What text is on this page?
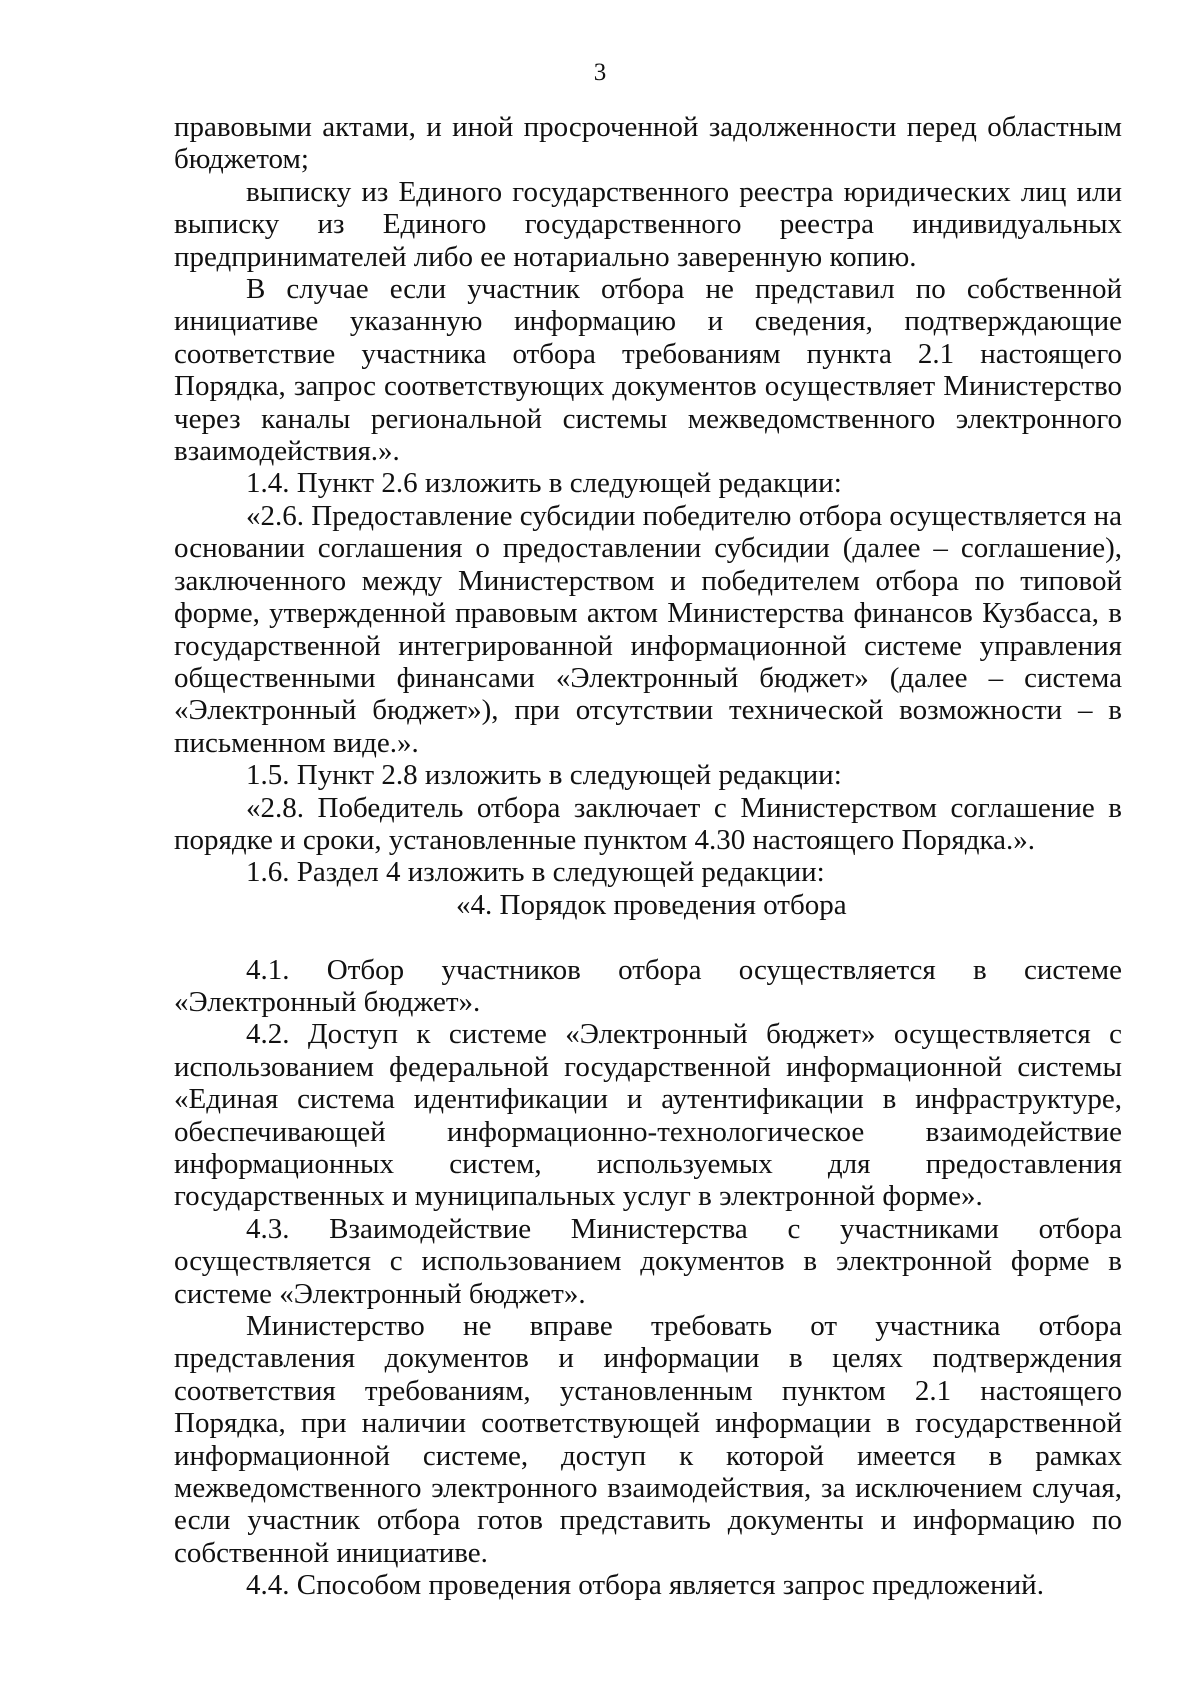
3

правовыми актами, и иной просроченной задолженности перед областным бюджетом;

выписку из Единого государственного реестра юридических лиц или выписку из Единого государственного реестра индивидуальных предпринимателей либо ее нотариально заверенную копию.

В случае если участник отбора не представил по собственной инициативе указанную информацию и сведения, подтверждающие соответствие участника отбора требованиям пункта 2.1 настоящего Порядка, запрос соответствующих документов осуществляет Министерство через каналы региональной системы межведомственного электронного взаимодействия.».

1.4. Пункт 2.6 изложить в следующей редакции:

«2.6. Предоставление субсидии победителю отбора осуществляется на основании соглашения о предоставлении субсидии (далее – соглашение), заключенного между Министерством и победителем отбора по типовой форме, утвержденной правовым актом Министерства финансов Кузбасса, в государственной интегрированной информационной системе управления общественными финансами «Электронный бюджет» (далее – система «Электронный бюджет»), при отсутствии технической возможности – в письменном виде.».

1.5. Пункт 2.8 изложить в следующей редакции:

«2.8. Победитель отбора заключает с Министерством соглашение в порядке и сроки, установленные пунктом 4.30 настоящего Порядка.».

1.6. Раздел 4 изложить в следующей редакции:

«4. Порядок проведения отбора

4.1. Отбор участников отбора осуществляется в системе «Электронный бюджет».

4.2. Доступ к системе «Электронный бюджет» осуществляется с использованием федеральной государственной информационной системы «Единая система идентификации и аутентификации в инфраструктуре, обеспечивающей информационно-технологическое взаимодействие информационных систем, используемых для предоставления государственных и муниципальных услуг в электронной форме».

4.3. Взаимодействие Министерства с участниками отбора осуществляется с использованием документов в электронной форме в системе «Электронный бюджет».

Министерство не вправе требовать от участника отбора представления документов и информации в целях подтверждения соответствия требованиям, установленным пунктом 2.1 настоящего Порядка, при наличии соответствующей информации в государственной информационной системе, доступ к которой имеется в рамках межведомственного электронного взаимодействия, за исключением случая, если участник отбора готов представить документы и информацию по собственной инициативе.

4.4. Способом проведения отбора является запрос предложений.
